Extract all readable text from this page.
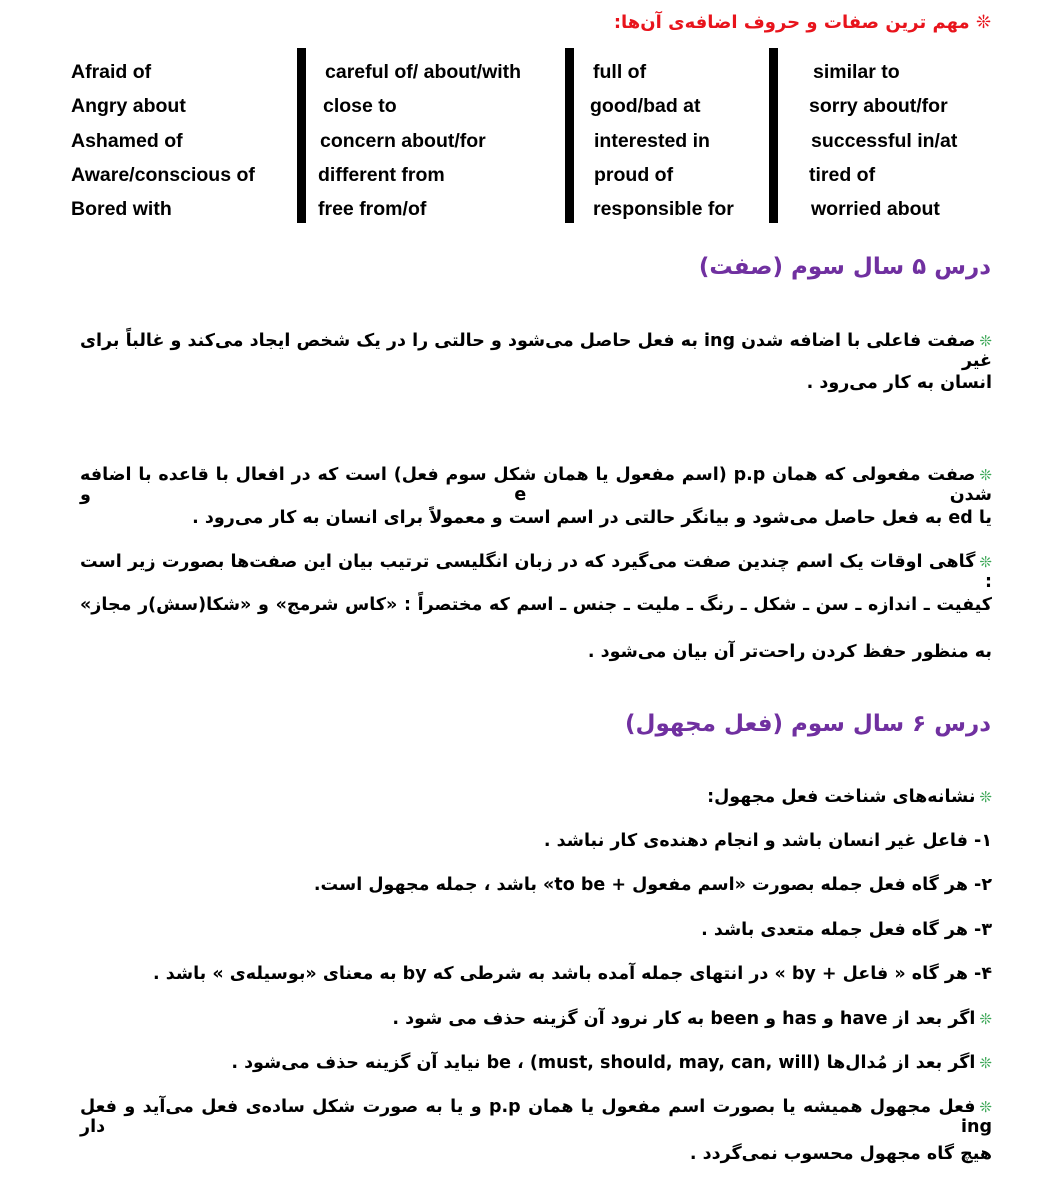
❊ مهم ترین صفات و حروف اضافه‌ی آن‌ها:
Afraid of
Angry about
Ashamed of
Aware/conscious of
Bored with
careful of/ about/with
close to
concern about/for
different from
free from/of
full of
good/bad at
interested in
proud of
responsible for
similar to
sorry about/for
successful in/at
tired of
worried about
درس ۵ سال سوم (صفت)
❊صفت فاعلی با اضافه شدن ing به فعل حاصل می‌شود و حالتی را در یک شخص ایجاد می‌کند و غالباً برای غیر
انسان به کار می‌رود .
❊صفت مفعولی که همان p.p (اسم مفعول یا همان شکل سوم فعل) است که در افعال با قاعده با اضافه شدن e و
یا ed به فعل حاصل می‌شود و بیانگر حالتی در اسم است و معمولاً برای انسان به کار می‌رود .
❊گاهی اوقات یک اسم چندین صفت می‌گیرد که در زبان انگلیسی ترتیب بیان این صفت‌ها بصورت زیر است :
کیفیت ـ اندازه ـ سن ـ شکل ـ رنگ ـ ملیت ـ جنس ـ اسم که مختصراً : «کاس شرمج» و «شکا(سش)ر مجاز»
به منظور حفظ کردن راحت‌تر آن بیان می‌شود .
درس ۶ سال سوم (فعل مجهول)
❊نشانه‌های شناخت فعل مجهول:
۱- فاعل غیر انسان باشد و انجام دهنده‌ی کار نباشد .
۲- هر گاه فعل جمله بصورت «اسم مفعول + to be» باشد ، جمله مجهول است.
۳- هر گاه فعل جمله متعدی باشد .
۴- هر گاه « فاعل + by » در انتهای جمله آمده باشد به شرطی که by به معنای «بوسیله‌ی » باشد .
❊اگر بعد از have و has و been به کار نرود آن گزینه حذف می شود .
❊اگر بعد از مُدال‌ها (must, should, may, can, will) ، be نیاید آن گزینه حذف می‌شود .
❊فعل مجهول همیشه یا بصورت اسم مفعول یا همان p.p و یا به صورت شکل ساده‌ی فعل می‌آید و فعل ing دار
هیچ گاه مجهول محسوب نمی‌گردد .
